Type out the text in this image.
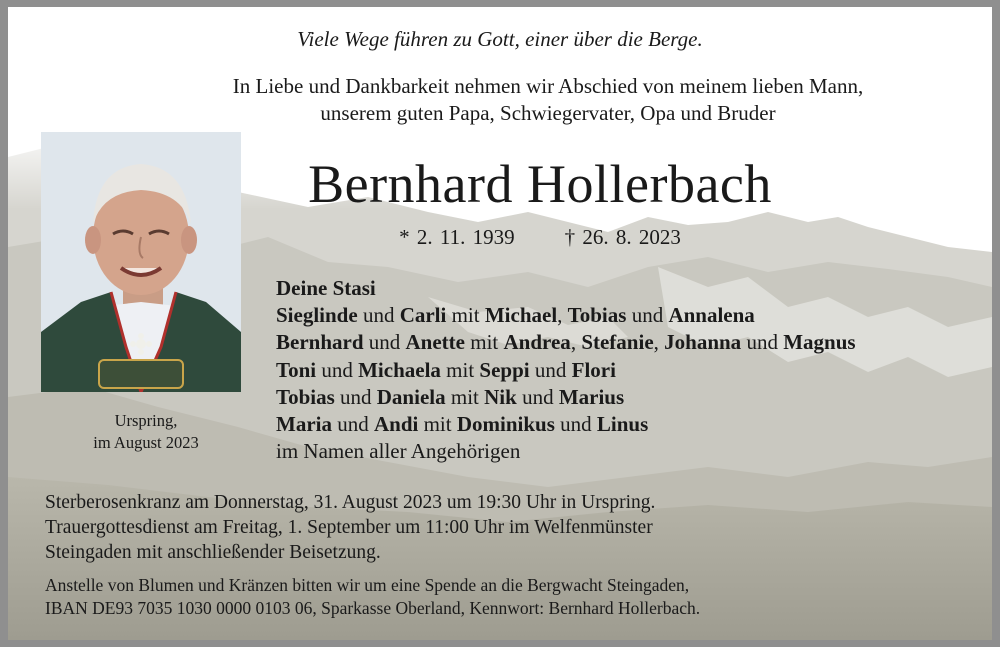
Viele Wege führen zu Gott, einer über die Berge.
In Liebe und Dankbarkeit nehmen wir Abschied von meinem lieben Mann,
unserem guten Papa, Schwiegervater, Opa und Bruder
Urspring,
im August 2023
Bernhard Hollerbach
* 2. 11. 1939 † 26. 8. 2023
Deine Stasi
Sieglinde und Carli mit Michael, Tobias und Annalena
Bernhard und Anette mit Andrea, Stefanie, Johanna und Magnus
Toni und Michaela mit Seppi und Flori
Tobias und Daniela mit Nik und Marius
Maria und Andi mit Dominikus und Linus
im Namen aller Angehörigen
Sterberosenkranz am Donnerstag, 31. August 2023 um 19:30 Uhr in Urspring.
Trauergottesdienst am Freitag, 1. September um 11:00 Uhr im Welfenmünster
Steingaden mit anschließender Beisetzung.
Anstelle von Blumen und Kränzen bitten wir um eine Spende an die Bergwacht Steingaden,
IBAN DE93 7035 1030 0000 0103 06, Sparkasse Oberland, Kennwort: Bernhard Hollerbach.
